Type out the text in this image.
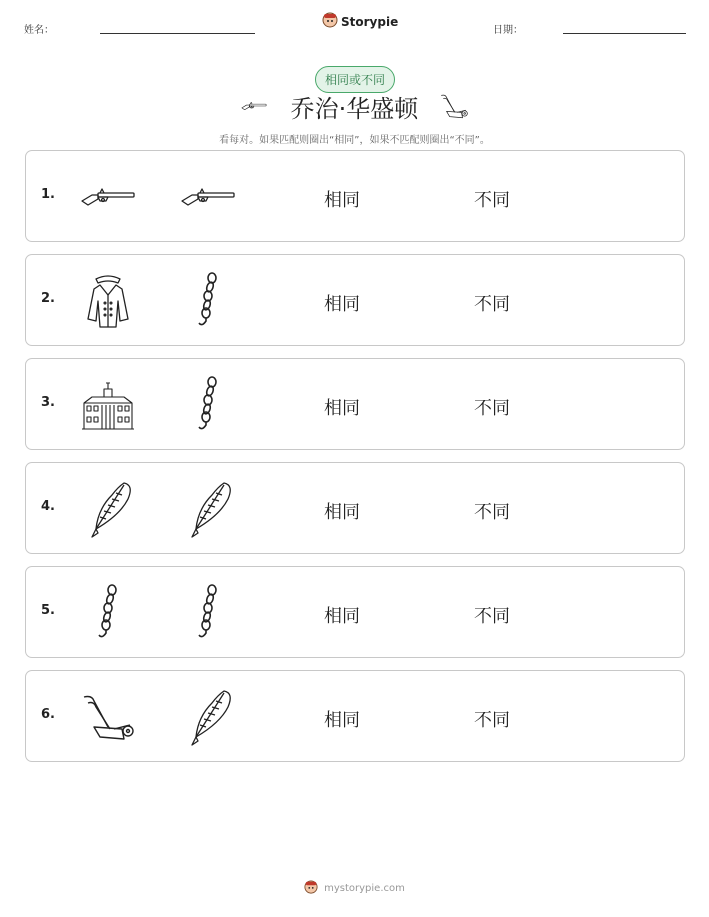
姓名：
Storypie
日期：
相同或不同
乔治·华盛顿
看每对。如果匹配则圈出“相同”，如果不匹配则圈出“不同”。
1.	相同	不同
2.	相同	不同
3.	相同	不同
4.	相同	不同
5.	相同	不同
6.	相同	不同
mystorypie.com
